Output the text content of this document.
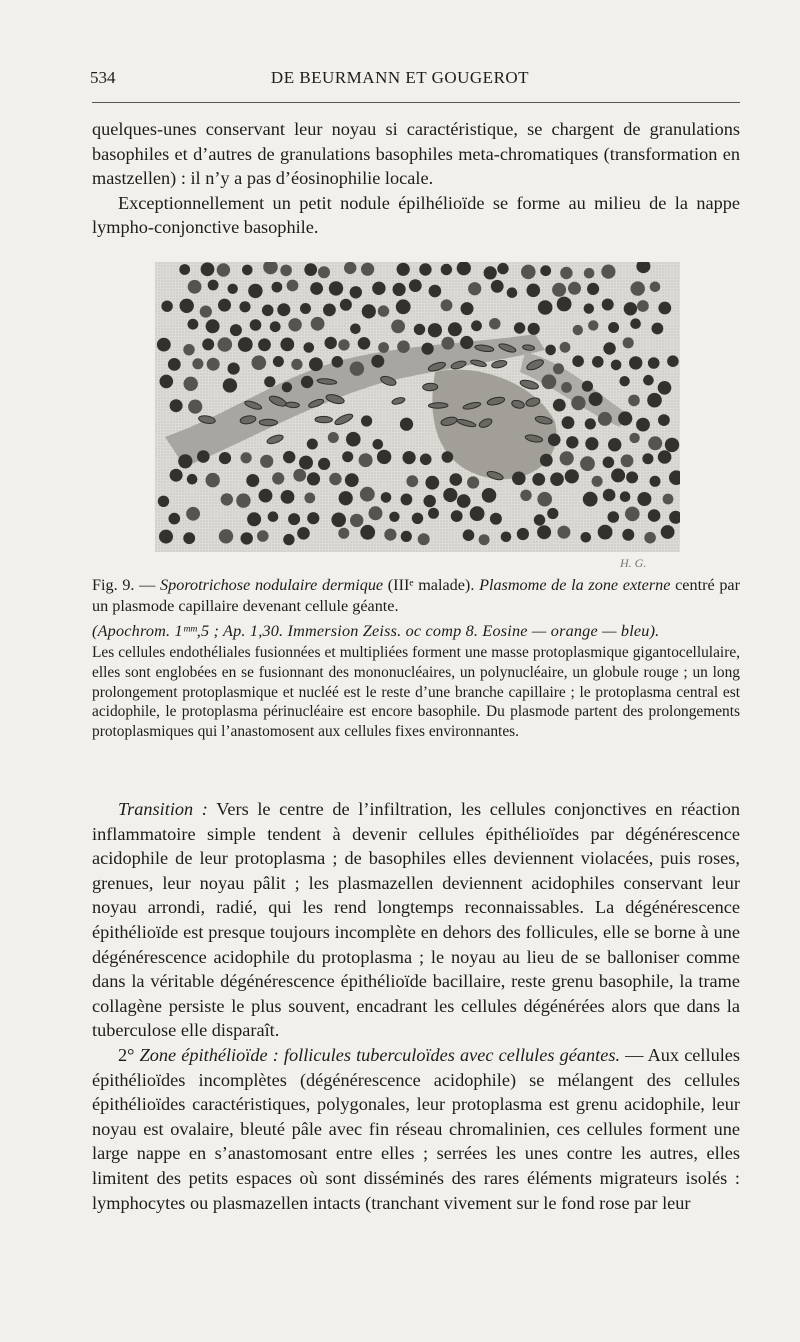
534	DE BEURMANN ET GOUGEROT

quelques-unes conservant leur noyau si caractéristique, se chargent de granulations basophiles et d’autres de granulations basophiles meta-chromatiques (transformation en mastzellen) : il n’y a pas d’éosinophilie locale.

Exceptionnellement un petit nodule épilhélioïde se forme au milieu de la nappe lympho-conjonctive basophile.

H. G.

Fig. 9. — Sporotrichose nodulaire dermique (IIIᵉ malade). Plasmome de la zone externe centré par un plasmode capillaire devenant cellule géante.

(Apochrom. 1ᵐᵐ,5 ; Ap. 1,30. Immersion Zeiss. oc comp 8. Eosine — orange — bleu).

Les cellules endothéliales fusionnées et multipliées forment une masse protoplasmique gigantocellulaire, elles sont englobées en se fusionnant des mononucléaires, un polynucléaire, un globule rouge ; un long prolongement protoplasmique et nucléé est le reste d’une branche capillaire ; le protoplasma central est acidophile, le protoplasma périnucléaire est encore basophile. Du plasmode partent des prolongements protoplasmiques qui l’anastomosent aux cellules fixes environnantes.

Transition : Vers le centre de l’infiltration, les cellules conjonctives en réaction inflammatoire simple tendent à devenir cellules épithélioïdes par dégénérescence acidophile de leur protoplasma ; de basophiles elles deviennent violacées, puis roses, grenues, leur noyau pâlit ; les plasmazellen deviennent acidophiles conservant leur noyau arrondi, radié, qui les rend longtemps reconnaissables. La dégénérescence épithélioïde est presque toujours incomplète en dehors des follicules, elle se borne à une dégénérescence acidophile du protoplasma ; le noyau au lieu de se balloniser comme dans la véritable dégénérescence épithélioïde bacillaire, reste grenu basophile, la trame collagène persiste le plus souvent, encadrant les cellules dégénérées alors que dans la tuberculose elle disparaît.

2° Zone épithélioïde : follicules tuberculoïdes avec cellules géantes. — Aux cellules épithélioïdes incomplètes (dégénérescence acidophile) se mélangent des cellules épithélioïdes caractéristiques, polygonales, leur protoplasma est grenu acidophile, leur noyau est ovalaire, bleuté pâle avec fin réseau chromalinien, ces cellules forment une large nappe en s’anastomosant entre elles ; serrées les unes contre les autres, elles limitent des petits espaces où sont disséminés des rares éléments migrateurs isolés : lymphocytes ou plasmazellen intacts (tranchant vivement sur le fond rose par leur
